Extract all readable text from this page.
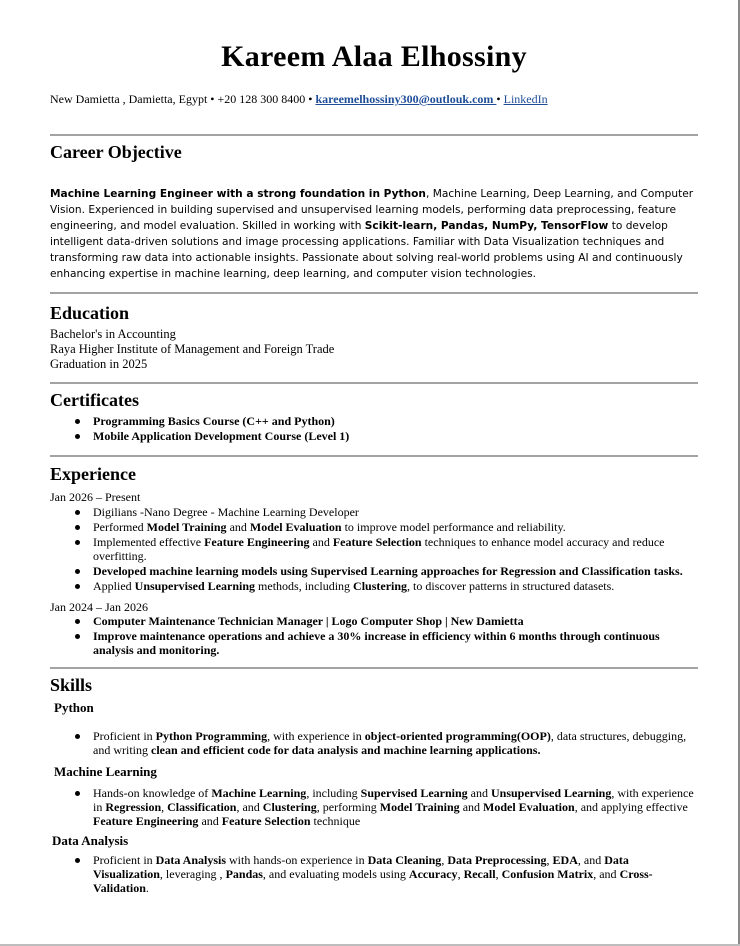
Kareem Alaa Elhossiny
New Damietta , Damietta, Egypt • +20 128 300 8400 • kareemelhossiny300@outlouk.com • LinkedIn
Career Objective

Machine Learning Engineer with a strong foundation in Python, Machine Learning, Deep Learning, and Computer Vision. Experienced in building supervised and unsupervised learning models, performing data preprocessing, feature engineering, and model evaluation. Skilled in working with Scikit-learn, Pandas, NumPy, TensorFlow to develop intelligent data-driven solutions and image processing applications. Familiar with Data Visualization techniques and transforming raw data into actionable insights. Passionate about solving real-world problems using AI and continuously enhancing expertise in machine learning, deep learning, and computer vision technologies.

Education
Bachelor's in Accounting
Raya Higher Institute of Management and Foreign Trade
Graduation in 2025
Certificates
Programming Basics Course (C++ and Python)
Mobile Application Development Course (Level 1)
Experience
Jan 2026 – Present
Digilians -Nano Degree - Machine Learning Developer
Performed Model Training and Model Evaluation to improve model performance and reliability.
Implemented effective Feature Engineering and Feature Selection techniques to enhance model accuracy and reduce overfitting.
Developed machine learning models using Supervised Learning approaches for Regression and Classification tasks.
Applied Unsupervised Learning methods, including Clustering, to discover patterns in structured datasets.
Jan 2024 – Jan 2026
Computer Maintenance Technician Manager | Logo Computer Shop | New Damietta
Improve maintenance operations and achieve a 30% increase in efficiency within 6 months through continuous analysis and monitoring.
Skills
Python
Proficient in Python Programming, with experience in object-oriented programming(OOP), data structures, debugging, and writing clean and efficient code for data analysis and machine learning applications.
Machine Learning
Hands-on knowledge of Machine Learning, including Supervised Learning and Unsupervised Learning, with experience in Regression, Classification, and Clustering, performing Model Training and Model Evaluation, and applying effective Feature Engineering and Feature Selection technique
Data Analysis
Proficient in Data Analysis with hands-on experience in Data Cleaning, Data Preprocessing, EDA, and Data Visualization, leveraging , Pandas, and evaluating models using Accuracy, Recall, Confusion Matrix, and Cross-Validation.
